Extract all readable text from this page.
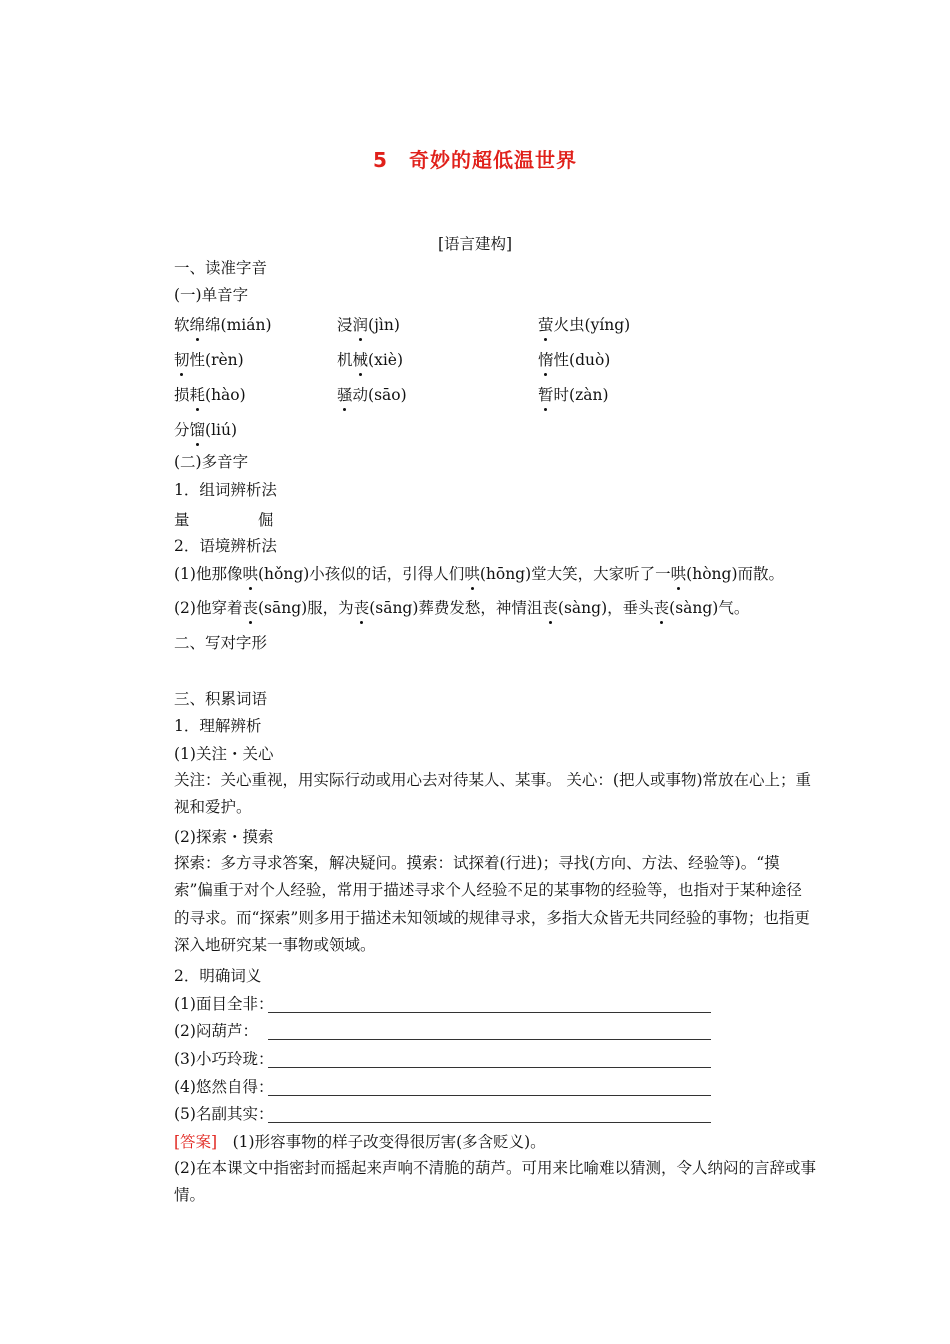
5　奇妙的超低温世界
[语言建构]
一、读准字音
(一)单音字
软绵绵(mián)	浸润(jìn)	萤火虫(yíng)
韧性(rèn)	机械(xiè)	惰性(duò)
损耗(hào)	骚动(sāo)	暂时(zàn)
分馏(liú)
(二)多音字
1．组词辨析法
量	倔
2．语境辨析法
(1)他那像哄(hǒng)小孩似的话，引得人们哄(hōng)堂大笑，大家听了一哄(hòng)而散。
(2)他穿着丧(sāng)服，为丧(sāng)葬费发愁，神情沮丧(sàng)，垂头丧(sàng)气。
二、写对字形
三、积累词语
1．理解辨析
(1)关注・关心
关注：关心重视，用实际行动或用心去对待某人、某事。 关心：(把人或事物)常放在心上；重视和爱护。
(2)探索・摸索
探索：多方寻求答案，解决疑问。摸索：试探着(行进)；寻找(方向、方法、经验等)。“摸索”偏重于对个人经验，常用于描述寻求个人经验不足的某事物的经验等，也指对于某种途径的寻求。而“探索”则多用于描述未知领域的规律寻求，多指大众皆无共同经验的事物；也指更深入地研究某一事物或领域。
2．明确词义
(1)面目全非：
(2)闷葫芦：
(3)小巧玲珑：
(4)悠然自得：
(5)名副其实：
[答案]　(1)形容事物的样子改变得很厉害(多含贬义)。
(2)在本课文中指密封而摇起来声响不清脆的葫芦。可用来比喻难以猜测，令人纳闷的言辞或事情。
